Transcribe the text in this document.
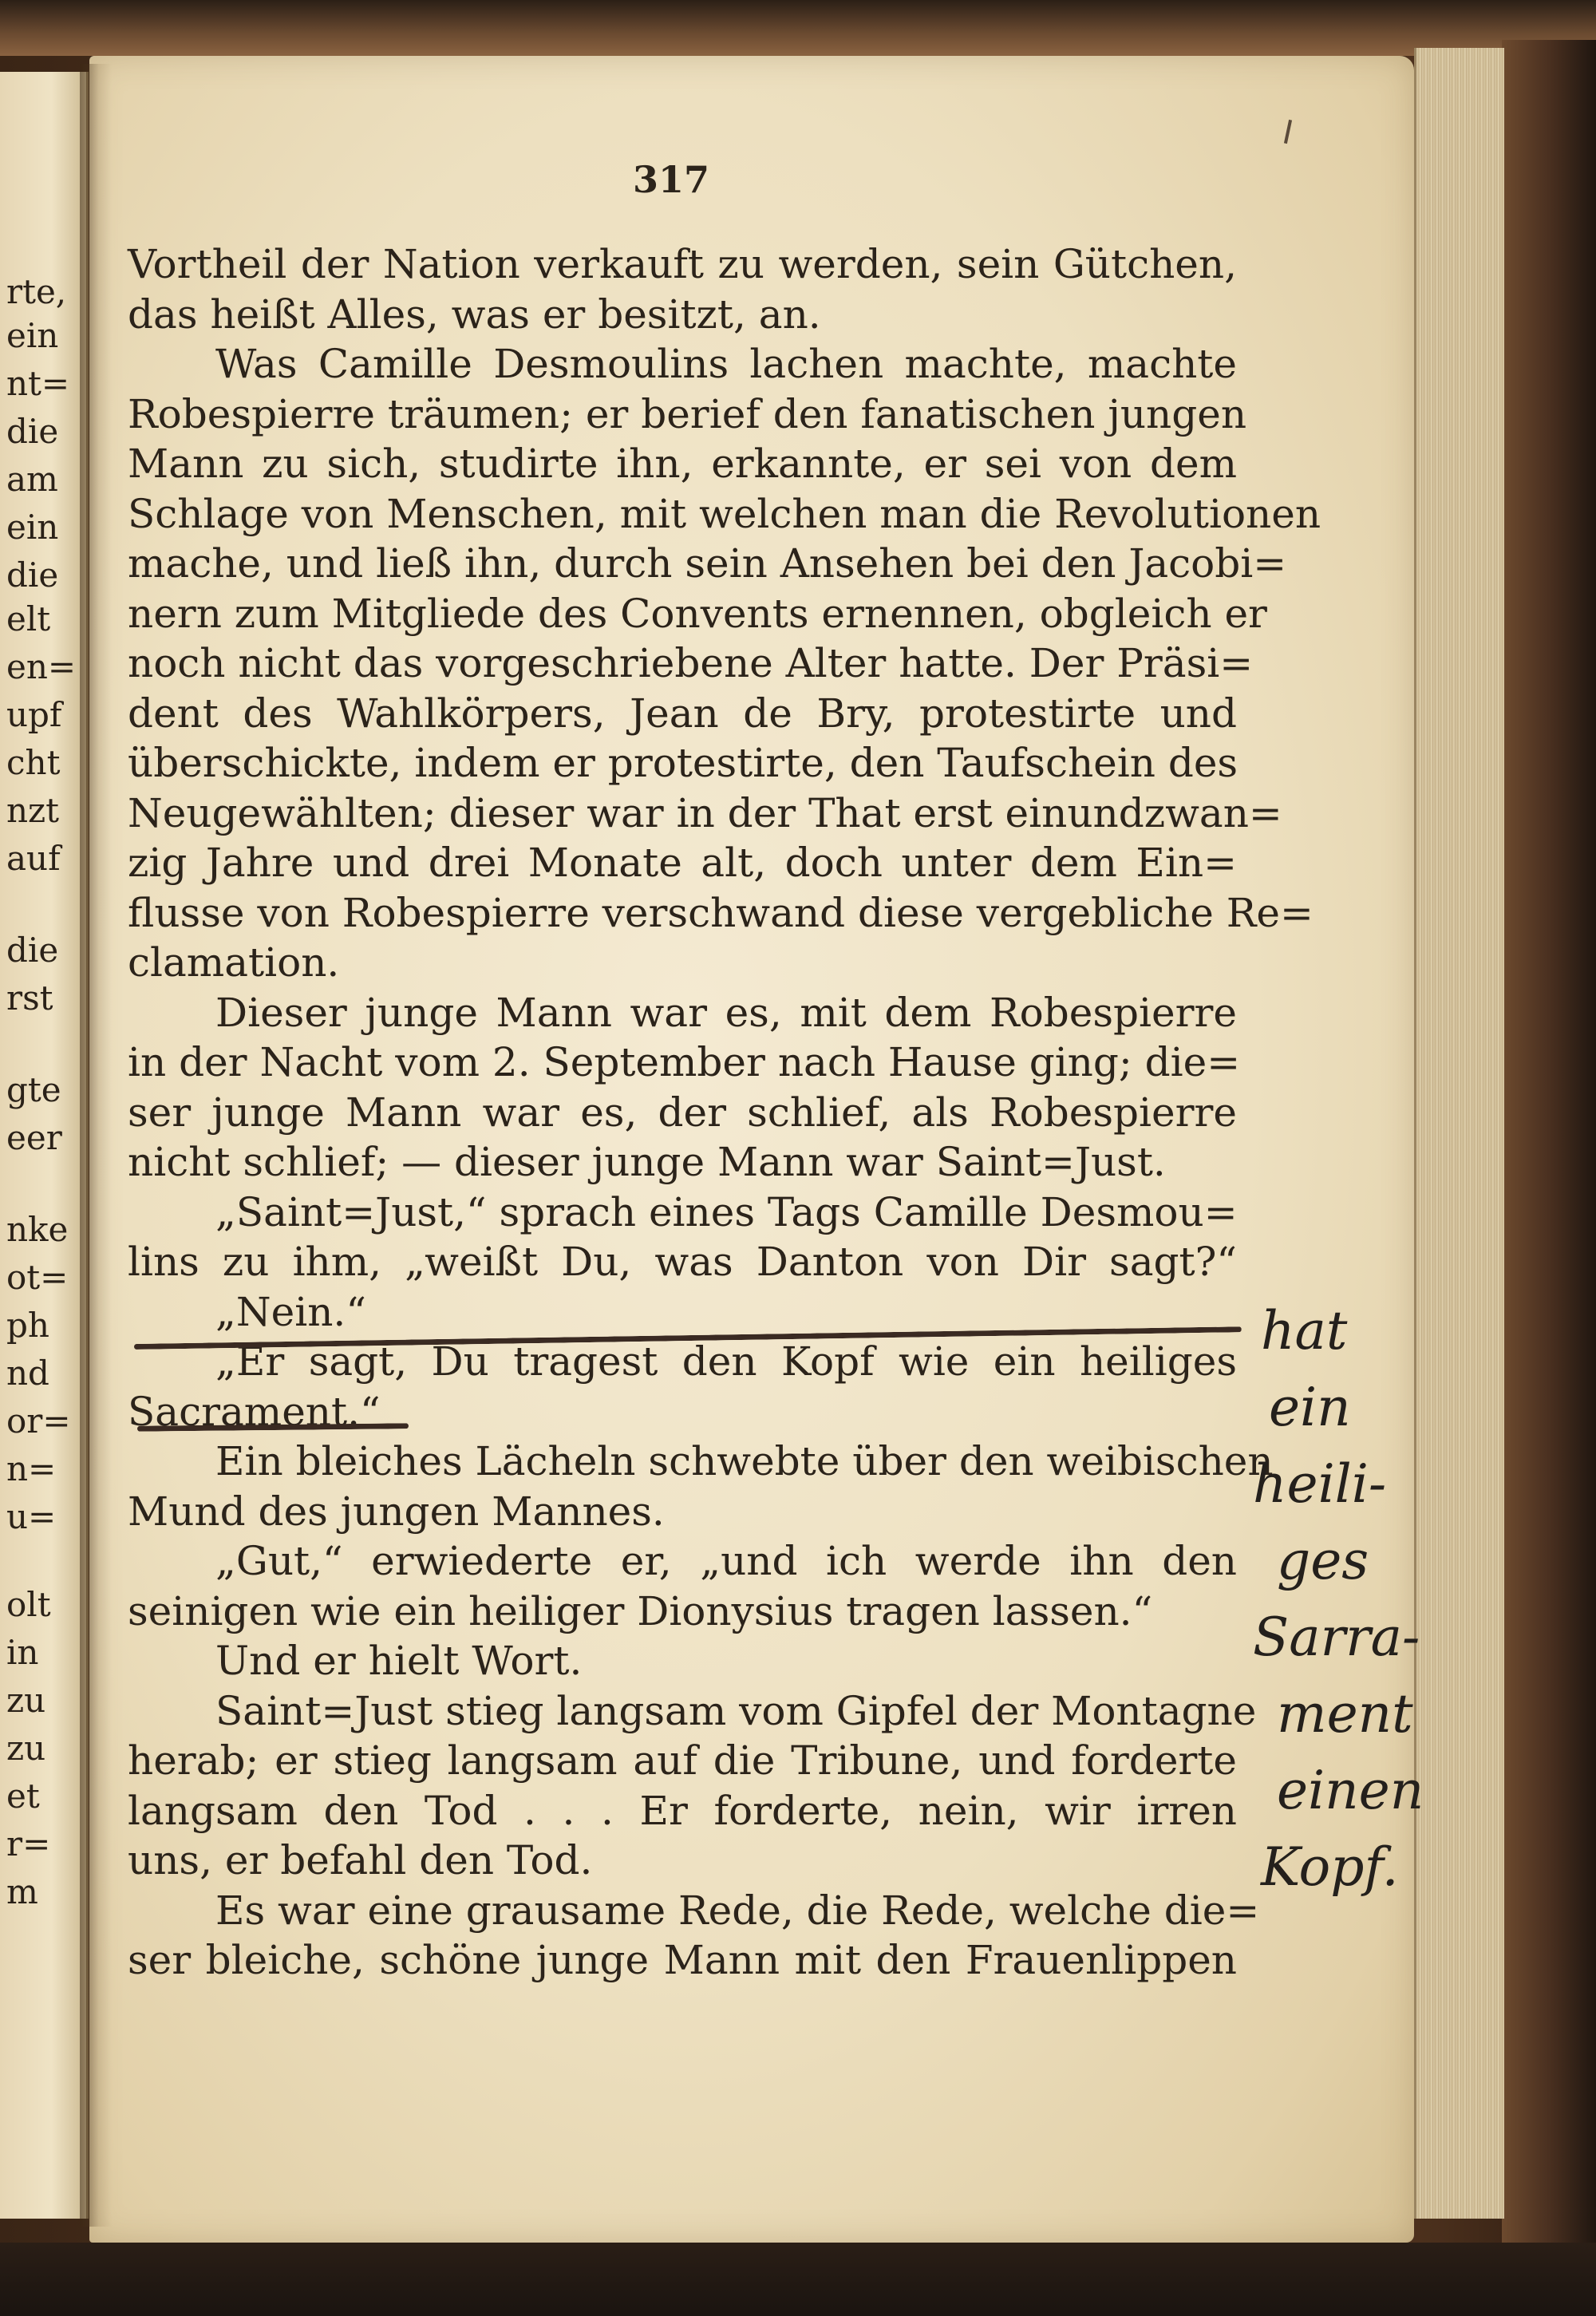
rte,
ein
nt=
die
am
ein
die
elt
en=
upf
cht
nzt
auf
die
rst
gte
eer
nke
ot=
ph
nd
or=
n=
u=
olt
in
zu
zu
et
r=
m
317
Vortheil der Nation verkauft zu werden, sein Gütchen,
das heißt Alles, was er besitzt, an.
Was Camille Desmoulins lachen machte, machte
Robespierre träumen; er berief den fanatischen jungen
Mann zu sich, studirte ihn, erkannte, er sei von dem
Schlage von Menschen, mit welchen man die Revolutionen
mache, und ließ ihn, durch sein Ansehen bei den Jacobi=
nern zum Mitgliede des Convents ernennen, obgleich er
noch nicht das vorgeschriebene Alter hatte. Der Präsi=
dent des Wahlkörpers, Jean de Bry, protestirte und
überschickte, indem er protestirte, den Taufschein des
Neugewählten; dieser war in der That erst einundzwan=
zig Jahre und drei Monate alt, doch unter dem Ein=
flusse von Robespierre verschwand diese vergebliche Re=
clamation.
Dieser junge Mann war es, mit dem Robespierre
in der Nacht vom 2. September nach Hause ging; die=
ser junge Mann war es, der schlief, als Robespierre
nicht schlief; — dieser junge Mann war Saint=Just.
„Saint=Just,“ sprach eines Tags Camille Desmou=
lins zu ihm, „weißt Du, was Danton von Dir sagt?“
„Nein.“
„Er sagt, Du tragest den Kopf wie ein heiliges
Sacrament.“
Ein bleiches Lächeln schwebte über den weibischen
Mund des jungen Mannes.
„Gut,“ erwiederte er, „und ich werde ihn den
seinigen wie ein heiliger Dionysius tragen lassen.“
Und er hielt Wort.
Saint=Just stieg langsam vom Gipfel der Montagne
herab; er stieg langsam auf die Tribune, und forderte
langsam den Tod . . . Er forderte, nein, wir irren
uns, er befahl den Tod.
Es war eine grausame Rede, die Rede, welche die=
ser bleiche, schöne junge Mann mit den Frauenlippen
hat
ein
heili-
ges
Sarra-
ment
einen
Kopf.
